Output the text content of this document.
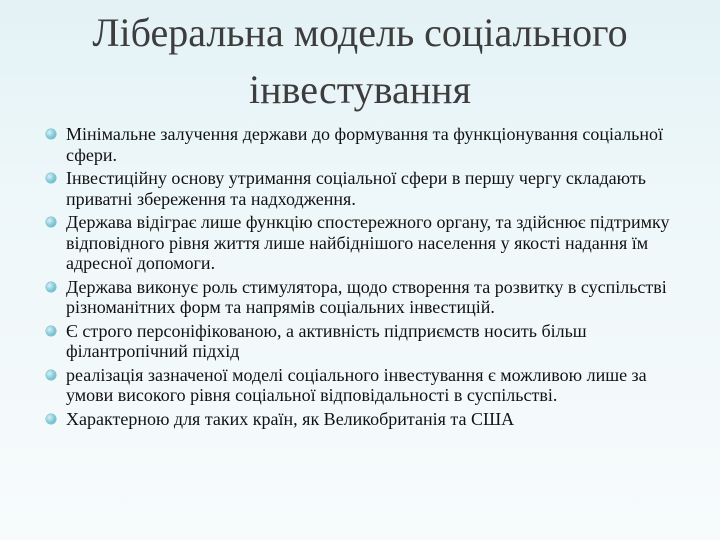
Ліберальна модель соціального інвестування
Мінімальне залучення держави до формування та функціонування соціальної сфери.
Інвестиційну основу утримання соціальної сфери в першу чергу складають приватні збереження та надходження.
Держава відіграє лише функцію спостережного органу, та здійснює підтримку відповідного рівня життя лише найбіднішого населення у якості надання їм адресної допомоги.
Держава виконує роль стимулятора, щодо створення та розвитку в суспільстві різноманітних форм та напрямів соціальних інвестицій.
Є строго персоніфікованою, а активність підприємств носить більш філантропічний підхід
реалізація зазначеної моделі соціального інвестування є можливою лише за умови високого рівня соціальної відповідальності в суспільстві.
Характерною для таких країн, як Великобританія та США
